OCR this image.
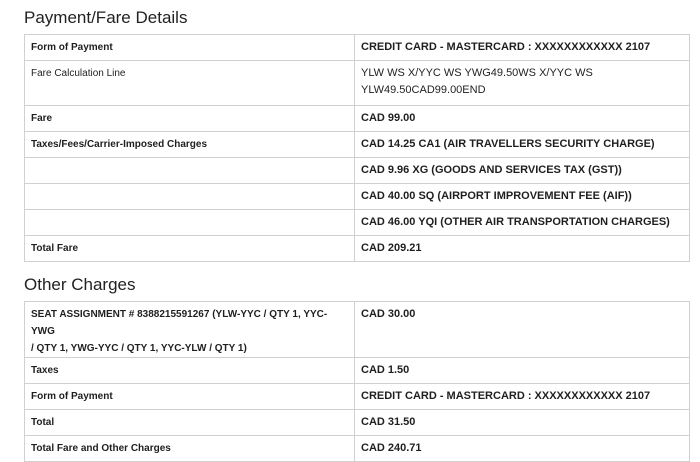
Payment/Fare Details
Form of Payment	CREDIT CARD - MASTERCARD : XXXXXXXXXXXX 2107

Fare Calculation Line	YLW WS X/YYC WS YWG49.50WS X/YYC WS
YLW49.50CAD99.00END

Fare	CAD 99.00

Taxes/Fees/Carrier-Imposed Charges	CAD 14.25 CA1 (AIR TRAVELLERS SECURITY CHARGE)

	CAD 9.96 XG (GOODS AND SERVICES TAX (GST))

	CAD 40.00 SQ (AIRPORT IMPROVEMENT FEE (AIF))

	CAD 46.00 YQI (OTHER AIR TRANSPORTATION CHARGES)

Total Fare	CAD 209.21
Other Charges
SEAT ASSIGNMENT # 8388215591267 (YLW-YYC / QTY 1, YYC-YWG
/ QTY 1, YWG-YYC / QTY 1, YYC-YLW / QTY 1)	CAD 30.00

Taxes	CAD 1.50

Form of Payment	CREDIT CARD - MASTERCARD : XXXXXXXXXXXX 2107

Total	CAD 31.50

Total Fare and Other Charges	CAD 240.71
